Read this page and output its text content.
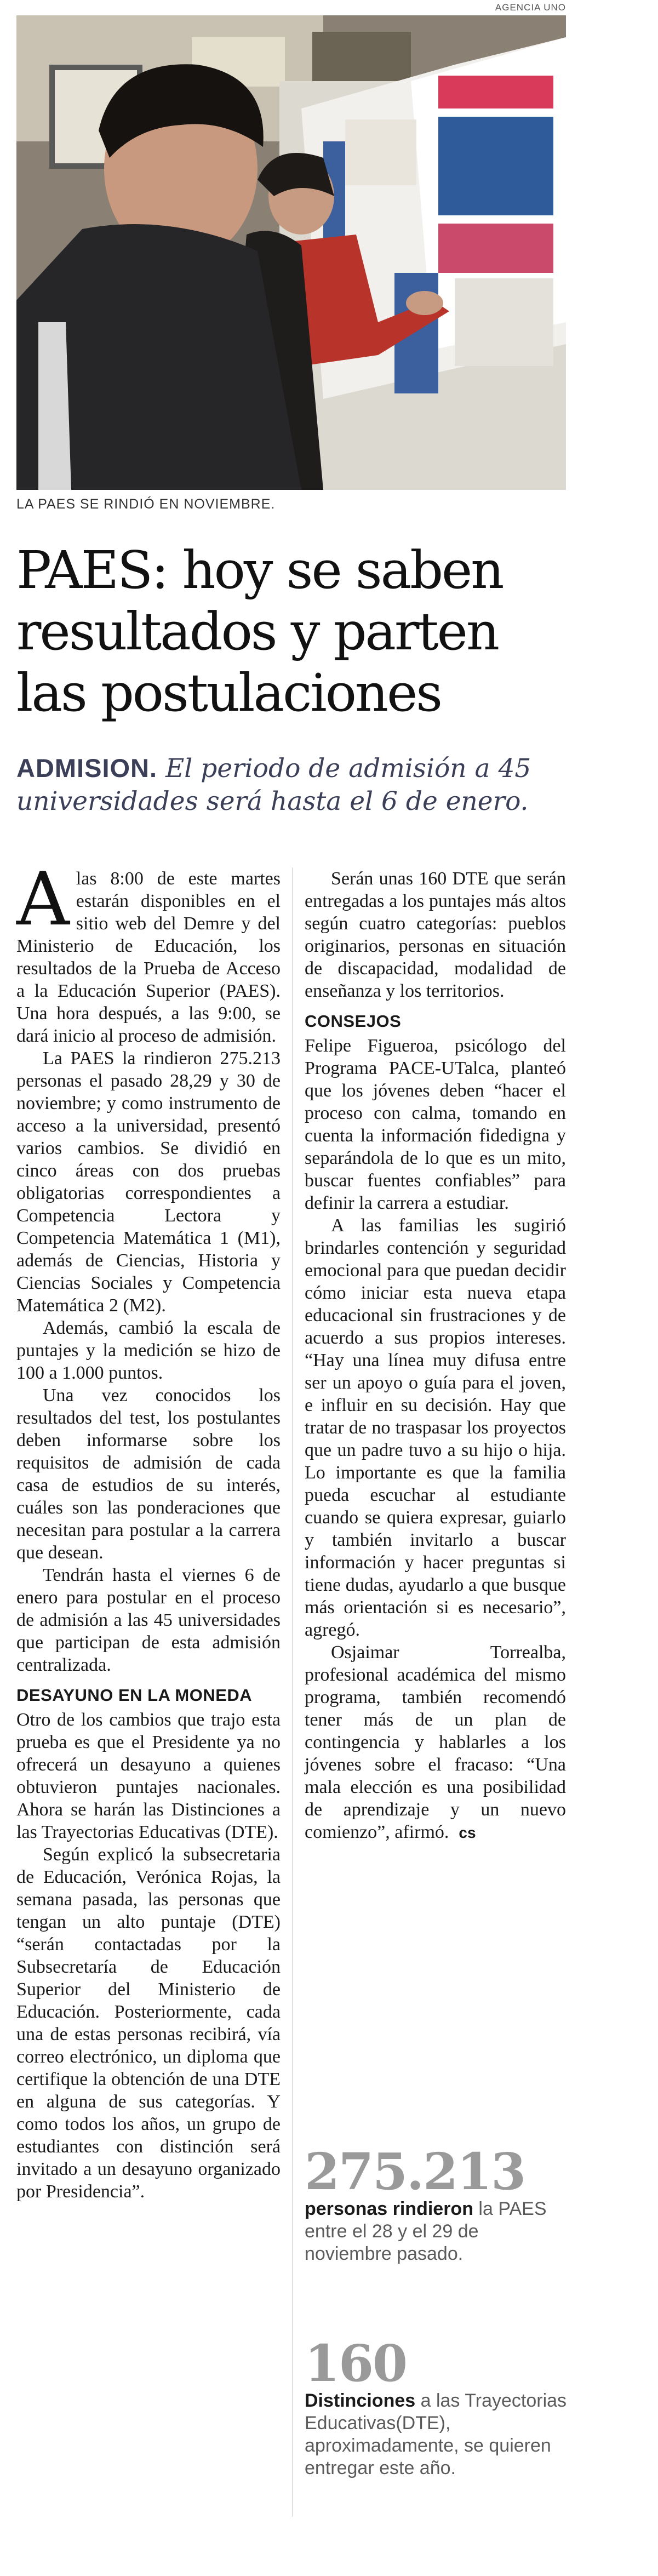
AGENCIA UNO
LA PAES SE RINDIÓ EN NOVIEMBRE.
PAES: hoy se saben resultados y parten las postulaciones
ADMISION. El periodo de admisión a 45 universidades será hasta el 6 de enero.

Alas 8:00 de este martes estarán disponibles en el sitio web del Demre y del Ministerio de Educación, los resultados de la Prueba de Acceso a la Educación Superior (PAES). Una hora después, a las 9:00, se dará inicio al proceso de admisión.

La PAES la rindieron 275.213 personas el pasado 28,29 y 30 de noviembre; y como instrumento de acceso a la universidad, presentó varios cambios. Se dividió en cinco áreas con dos pruebas obligatorias correspondientes a Competencia Lectora y Competencia Matemática 1 (M1), además de Ciencias, Historia y Ciencias Sociales y Competencia Matemática 2 (M2).

Además, cambió la escala de puntajes y la medición se hizo de 100 a 1.000 puntos.

Una vez conocidos los resultados del test, los postulantes deben informarse sobre los requisitos de admisión de cada casa de estudios de su interés, cuáles son las ponderaciones que necesitan para postular a la carrera que desean.

Tendrán hasta el viernes 6 de enero para postular en el proceso de admisión a las 45 universidades que participan de esta admisión centralizada.

DESAYUNO EN LA MONEDA

Otro de los cambios que trajo esta prueba es que el Presidente ya no ofrecerá un desayuno a quienes obtuvieron puntajes nacionales. Ahora se harán las Distinciones a las Trayectorias Educativas (DTE).

Según explicó la subsecretaria de Educación, Verónica Rojas, la semana pasada, las personas que tengan un alto puntaje (DTE) “serán contactadas por la Subsecretaría de Educación Superior del Ministerio de Educación. Posteriormente, cada una de estas personas recibirá, vía correo electrónico, un diploma que certifique la obtención de una DTE en alguna de sus categorías. Y como todos los años, un grupo de estudiantes con distinción será invitado a un desayuno organizado por Presidencia”.

Serán unas 160 DTE que serán entregadas a los puntajes más altos según cuatro categorías: pueblos originarios, personas en situación de discapacidad, modalidad de enseñanza y los territorios.

CONSEJOS

Felipe Figueroa, psicólogo del Programa PACE-UTalca, planteó que los jóvenes deben “hacer el proceso con calma, tomando en cuenta la información fidedigna y separándola de lo que es un mito, buscar fuentes confiables” para definir la carrera a estudiar.

A las familias les sugirió brindarles contención y seguridad emocional para que puedan decidir cómo iniciar esta nueva etapa educacional sin frustraciones y de acuerdo a sus propios intereses. “Hay una línea muy difusa entre ser un apoyo o guía para el joven, e influir en su decisión. Hay que tratar de no traspasar los proyectos que un padre tuvo a su hijo o hija. Lo importante es que la familia pueda escuchar al estudiante cuando se quiera expresar, guiarlo y también invitarlo a buscar información y hacer preguntas si tiene dudas, ayudarlo a que busque más orientación si es necesario”, agregó.

Osjaimar Torrealba, profesional académica del mismo programa, también recomendó tener más de un plan de contingencia y hablarles a los jóvenes sobre el fracaso: “Una mala elección es una posibilidad de aprendizaje y un nuevo comienzo”, afirmó. cs

275.213
personas rindieron la PAES entre el 28 y el 29 de noviembre pasado.
160
Distinciones a las Trayectorias Educativas(DTE), aproximadamente, se quieren entregar este año.
